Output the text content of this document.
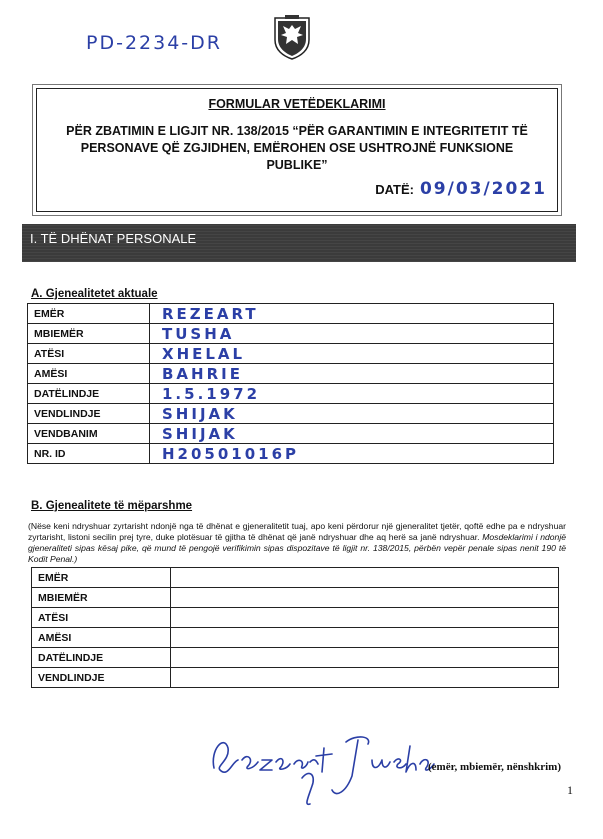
PD-2234-DR
FORMULAR VETËDEKLARIMI
PËR ZBATIMIN E LIGJIT NR. 138/2015 “PËR GARANTIMIN E INTEGRITETIT TË PERSONAVE QË ZGJIDHEN, EMËROHEN OSE USHTROJNË FUNKSIONE PUBLIKE”
DATË: 09/03/2021
I. TË DHËNAT PERSONALE
A. Gjenealitetet aktuale
EMËR	REZEART
MBIEMËR	TUSHA
ATËSI	XHELAL
AMËSI	BAHRIE
DATËLINDJE	1.5.1972
VENDLINDJE	SHIJAK
VENDBANIM	SHIJAK
NR. ID	H20501016P
B. Gjenealitete të mëparshme
(Nëse keni ndryshuar zyrtarisht ndonjë nga të dhënat e gjeneralitetit tuaj, apo keni përdorur një gjeneralitet tjetër, qoftë edhe pa e ndryshuar zyrtarisht, listoni secilin prej tyre, duke plotësuar të gjitha të dhënat që janë ndryshuar dhe aq herë sa janë ndryshuar. Mosdeklarimi i ndonjë gjeneraliteti sipas kësaj pike, që mund të pengojë verifikimin sipas dispozitave të ligjit nr. 138/2015, përbën vepër penale sipas nenit 190 të Kodit Penal.)
EMËR	
MBIEMËR	
ATËSI	
AMËSI	
DATËLINDJE	
VENDLINDJE	
(emër, mbiemër, nënshkrim)
1
